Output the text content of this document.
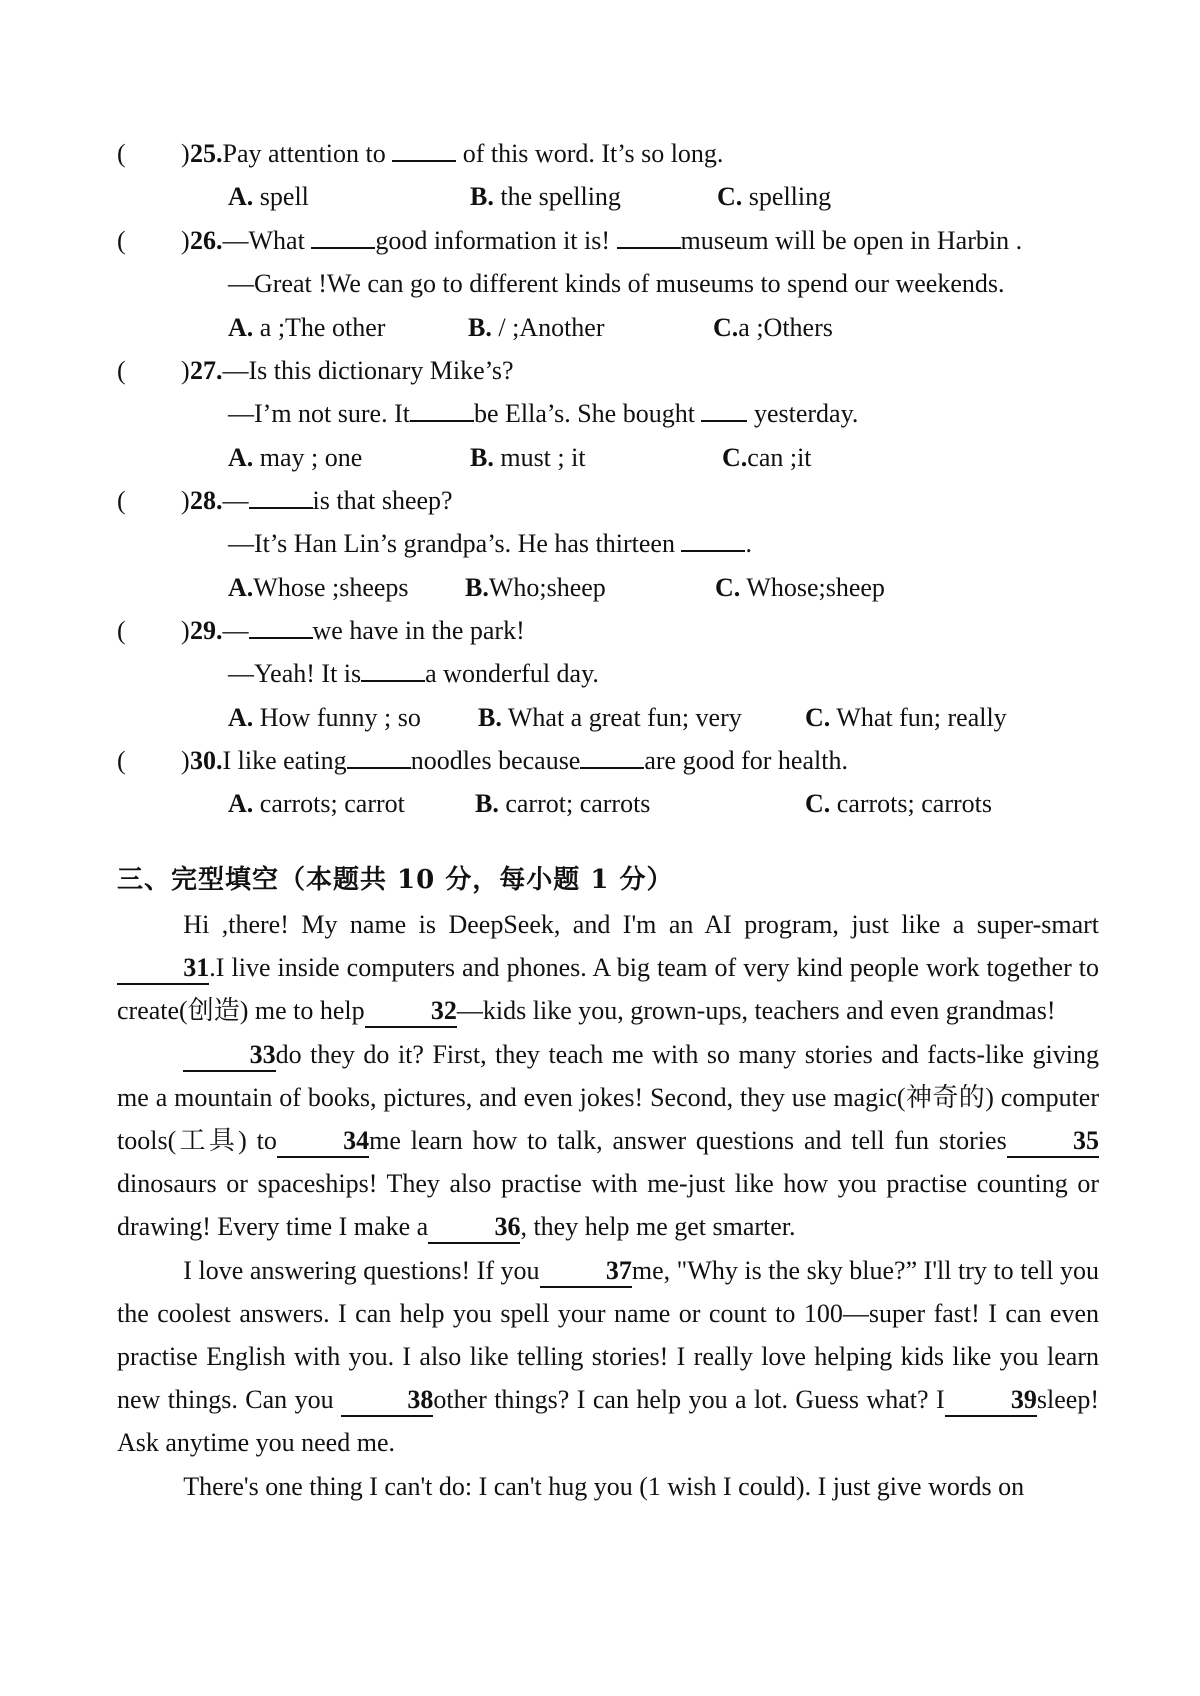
( ) 25.Pay attention to  of this word. It’s so long.
A. spell	B. the spelling	C. spelling
( ) 26.—What good information it is! museum will be open in Harbin .
—Great !We can go to different kinds of museums to spend our weekends.
A. a ;The other	B. / ;Another	C.a ;Others
( ) 27.—Is this dictionary Mike’s?
—I’m not sure. It be Ella’s. She bought  yesterday.
A. may ; one	B. must ; it	C.can ;it
( ) 28.— is that sheep?
—It’s Han Lin’s grandpa’s. He has thirteen .
A.Whose ;sheeps B.Who;sheep	C. Whose;sheep
( ) 29.— we have in the park!
—Yeah! It is a wonderful day.
A. How funny ; so B. What a great fun; very C. What fun; really
( ) 30.I like eating noodles because are good for health.
A. carrots; carrot	B. carrot; carrots	C. carrots; carrots
三、完型填空（本题共 10 分，每小题 1 分）

Hi ,there! My name is DeepSeek, and I'm an AI program, just like a super-smart 31.I live inside computers and phones. A big team of very kind people work together to create(创造) me to help	32—kids like you, grown-ups, teachers and even grandmas!

33do they do it? First, they teach me with so many stories and facts-like giving me a mountain of books, pictures, and even jokes! Second, they use magic(神奇的) computer tools(工具) to	34me learn how to talk, answer questions and tell fun stories	35dinosaurs or spaceships! They also practise with me-just like how you practise counting or drawing! Every time I make a	36, they help me get smarter.

I love answering questions! If you	37me, "Why is the sky blue?” I'll try to tell you the coolest answers. I can help you spell your name or count to 100—super fast! I can even practise English with you. I also like telling stories! I really love helping kids like you learn new things. Can you	38other things? I can help you a lot. Guess what? I	39sleep! Ask anytime you need me.

There's one thing I can't do: I can't hug you (1 wish I could). I just give words on
